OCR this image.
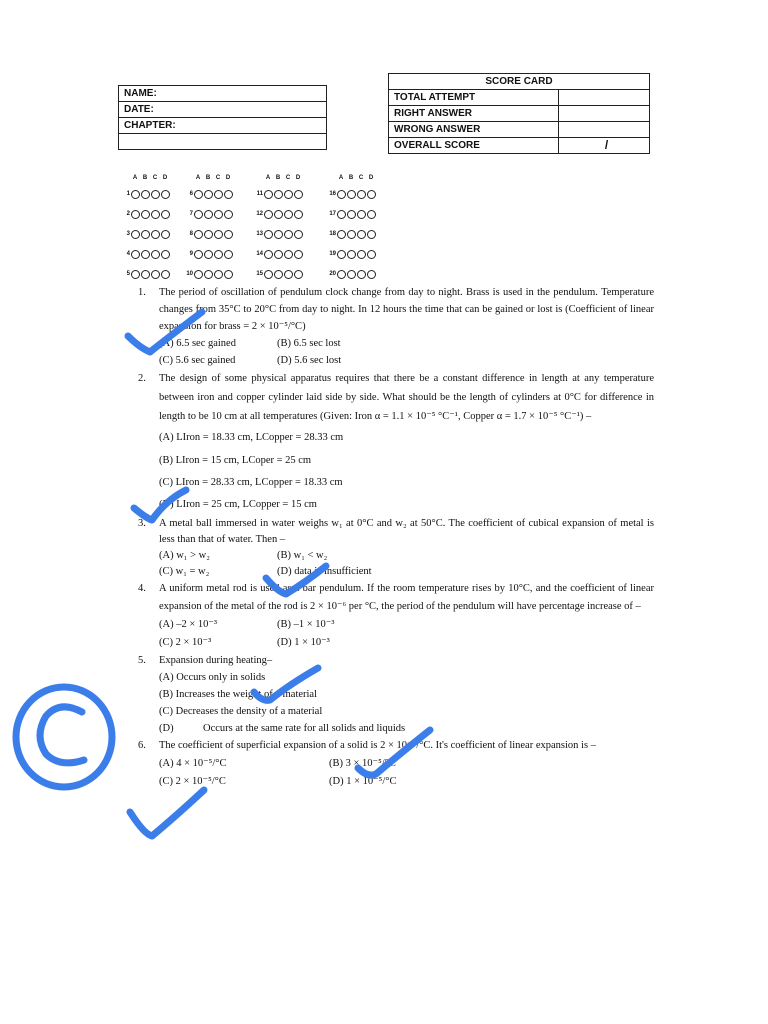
NAME:
DATE:
CHAPTER:

SCORE CARD	
TOTAL ATTEMPT	
RIGHT ANSWER	
WRONG ANSWER	
OVERALL SCORE	/
A B C D
1
2
3
4
5
A B C D
6
7
8
9
10
A B C D
11
12
13
14
15
A B C D
16
17
18
19
20
1.	The period of oscillation of pendulum clock change from day to night. Brass is used in the pendulum. Temperature changes from 35°C to 20°C from day to night. In 12 hours the time that can be gained or lost is (Coefficient of linear expansion for brass = 2 × 10⁻⁵/°C)
(A) 6.5 sec gained	(B) 6.5 sec lost
(C) 5.6 sec gained	(D) 5.6 sec lost
2.	The design of some physical apparatus requires that there be a constant difference in length at any temperature between iron and copper cylinder laid side by side. What should be the length of cylinders at 0°C for difference in length to be 10 cm at all temperatures (Given: Iron α = 1.1 × 10⁻⁵ °C⁻¹, Copper α = 1.7 × 10⁻⁵ °C⁻¹) –
(A) LIron = 18.33 cm, LCopper = 28.33 cm
(B) LIron = 15 cm, LCoper = 25 cm
(C) LIron = 28.33 cm, LCopper = 18.33 cm
(D) LIron = 25 cm, LCopper = 15 cm
3.	A metal ball immersed in water weighs w₁ at 0°C and w₂ at 50°C. The coefficient of cubical expansion of metal is less than that of water. Then –
(A) w₁ > w₂	(B) w₁ < w₂
(C) w₁ = w₂	(D) data is insufficient
4.	A uniform metal rod is used as a bar pendulum. If the room temperature rises by 10°C, and the coefficient of linear expansion of the metal of the rod is 2 × 10⁻⁶ per °C, the period of the pendulum will have percentage increase of –
(A) –2 × 10⁻³	(B) –1 × 10⁻³
(C) 2 × 10⁻³	(D) 1 × 10⁻³
5.	Expansion during heating–
(A) Occurs only in solids
(B) Increases the weight of a material
(C) Decreases the density of a material
(D)	Occurs at the same rate for all solids and liquids
6.	The coefficient of superficial expansion of a solid is 2 × 10⁻⁵/°C. It's coefficient of linear expansion is –
(A) 4 × 10⁻⁵/°C	(B) 3 × 10⁻⁵/°C
(C) 2 × 10⁻⁵/°C	(D) 1 × 10⁻⁵/°C
